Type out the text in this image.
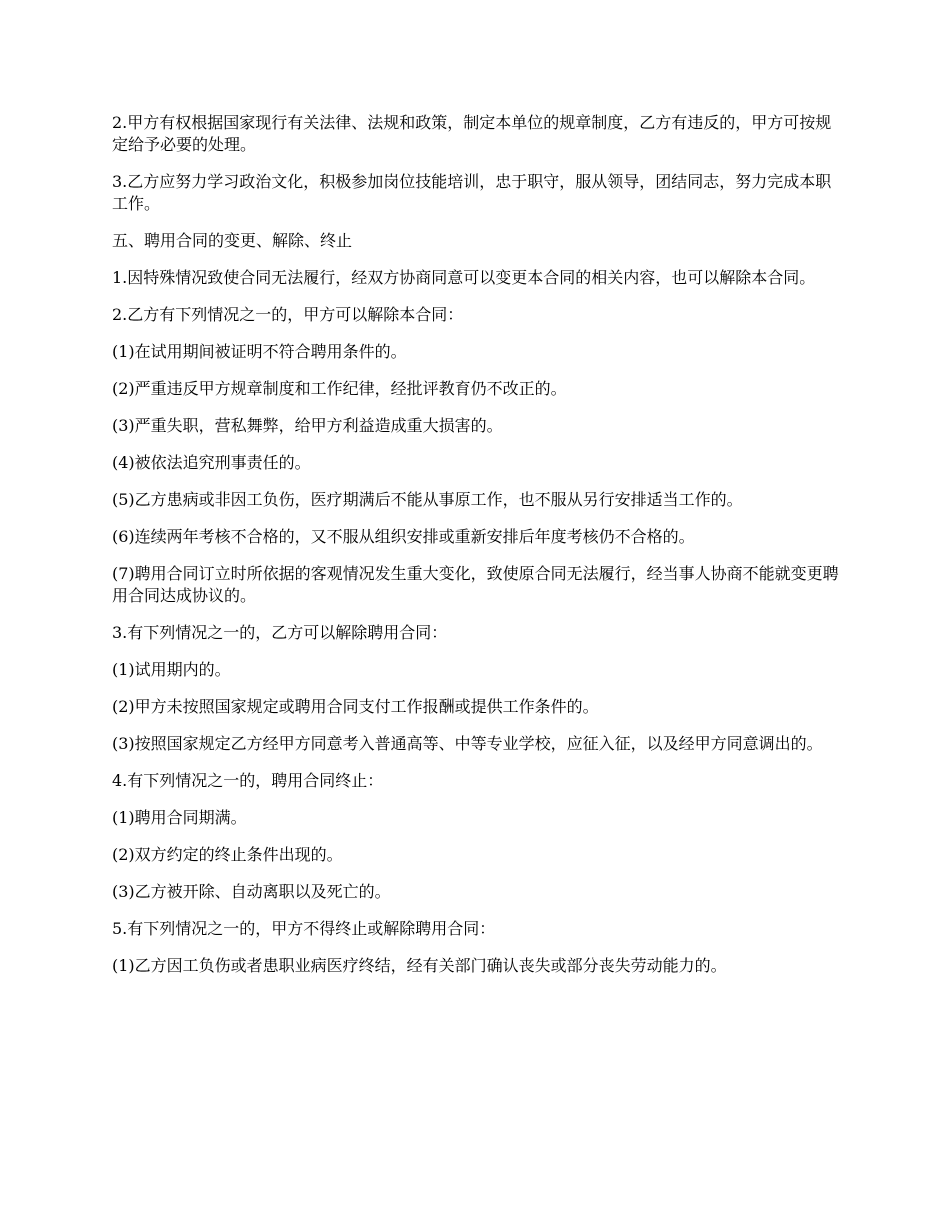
2.甲方有权根据国家现行有关法律、法规和政策，制定本单位的规章制度，乙方有违反的，甲方可按规定给予必要的处理。

3.乙方应努力学习政治文化，积极参加岗位技能培训，忠于职守，服从领导，团结同志，努力完成本职工作。

五、聘用合同的变更、解除、终止

1.因特殊情况致使合同无法履行，经双方协商同意可以变更本合同的相关内容，也可以解除本合同。

2.乙方有下列情况之一的，甲方可以解除本合同：

(1)在试用期间被证明不符合聘用条件的。

(2)严重违反甲方规章制度和工作纪律，经批评教育仍不改正的。

(3)严重失职，营私舞弊，给甲方利益造成重大损害的。

(4)被依法追究刑事责任的。

(5)乙方患病或非因工负伤，医疗期满后不能从事原工作，也不服从另行安排适当工作的。

(6)连续两年考核不合格的，又不服从组织安排或重新安排后年度考核仍不合格的。

(7)聘用合同订立时所依据的客观情况发生重大变化，致使原合同无法履行，经当事人协商不能就变更聘用合同达成协议的。

3.有下列情况之一的，乙方可以解除聘用合同：

(1)试用期内的。

(2)甲方未按照国家规定或聘用合同支付工作报酬或提供工作条件的。

(3)按照国家规定乙方经甲方同意考入普通高等、中等专业学校，应征入征，以及经甲方同意调出的。

4.有下列情况之一的，聘用合同终止：

(1)聘用合同期满。

(2)双方约定的终止条件出现的。

(3)乙方被开除、自动离职以及死亡的。

5.有下列情况之一的，甲方不得终止或解除聘用合同：

(1)乙方因工负伤或者患职业病医疗终结，经有关部门确认丧失或部分丧失劳动能力的。
